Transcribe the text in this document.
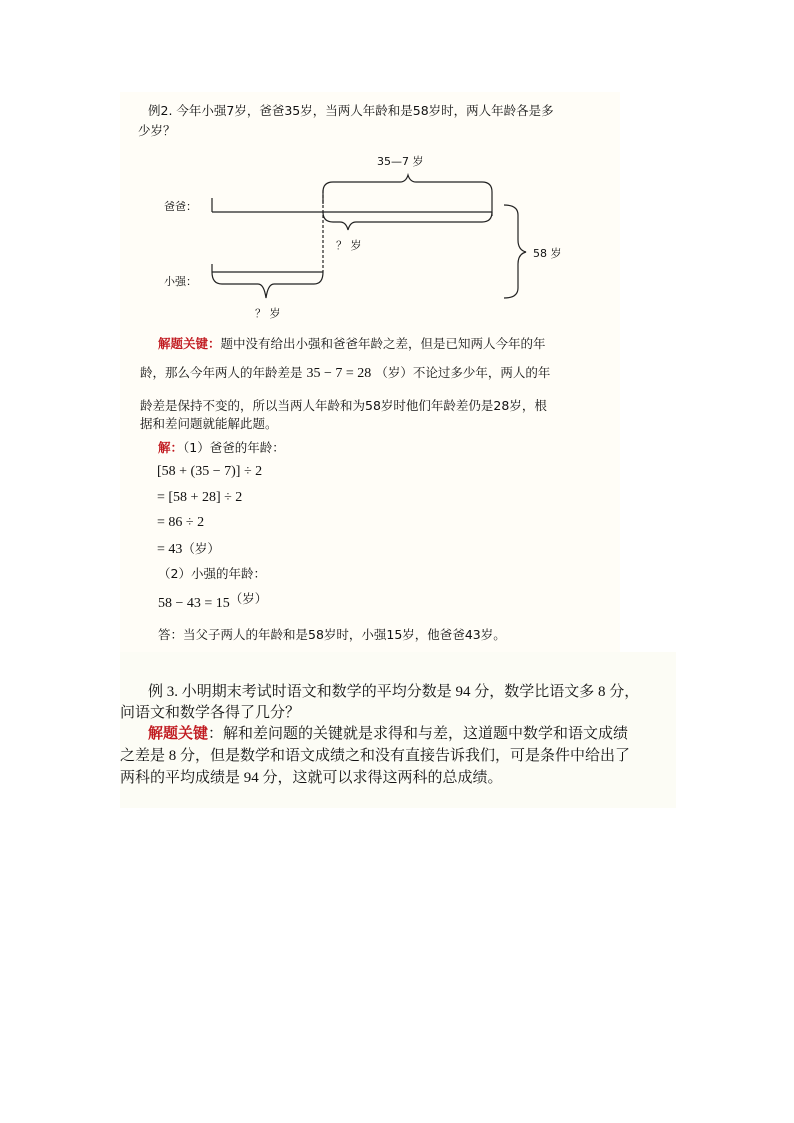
例2. 今年小强7岁，爸爸35岁，当两人年龄和是58岁时，两人年龄各是多
少岁？
35—7 岁
爸爸：
小强：
？ 岁
？ 岁
58 岁
解题关键：题中没有给出小强和爸爸年龄之差，但是已知两人今年的年
龄，那么今年两人的年龄差是 35 − 7 = 28 （岁）不论过多少年，两人的年
龄差是保持不变的，所以当两人年龄和为58岁时他们年龄差仍是28岁，根
据和差问题就能解此题。
解：（1）爸爸的年龄：
[58 + (35 − 7)] ÷ 2
= [58 + 28] ÷ 2
= 86 ÷ 2
= 43（岁）
（2）小强的年龄：
58 − 43 = 15（岁）
答：当父子两人的年龄和是58岁时，小强15岁，他爸爸43岁。
例 3. 小明期末考试时语文和数学的平均分数是 94 分，数学比语文多 8 分，
问语文和数学各得了几分？
解题关键：解和差问题的关键就是求得和与差，这道题中数学和语文成绩
之差是 8 分，但是数学和语文成绩之和没有直接告诉我们，可是条件中给出了
两科的平均成绩是 94 分，这就可以求得这两科的总成绩。
